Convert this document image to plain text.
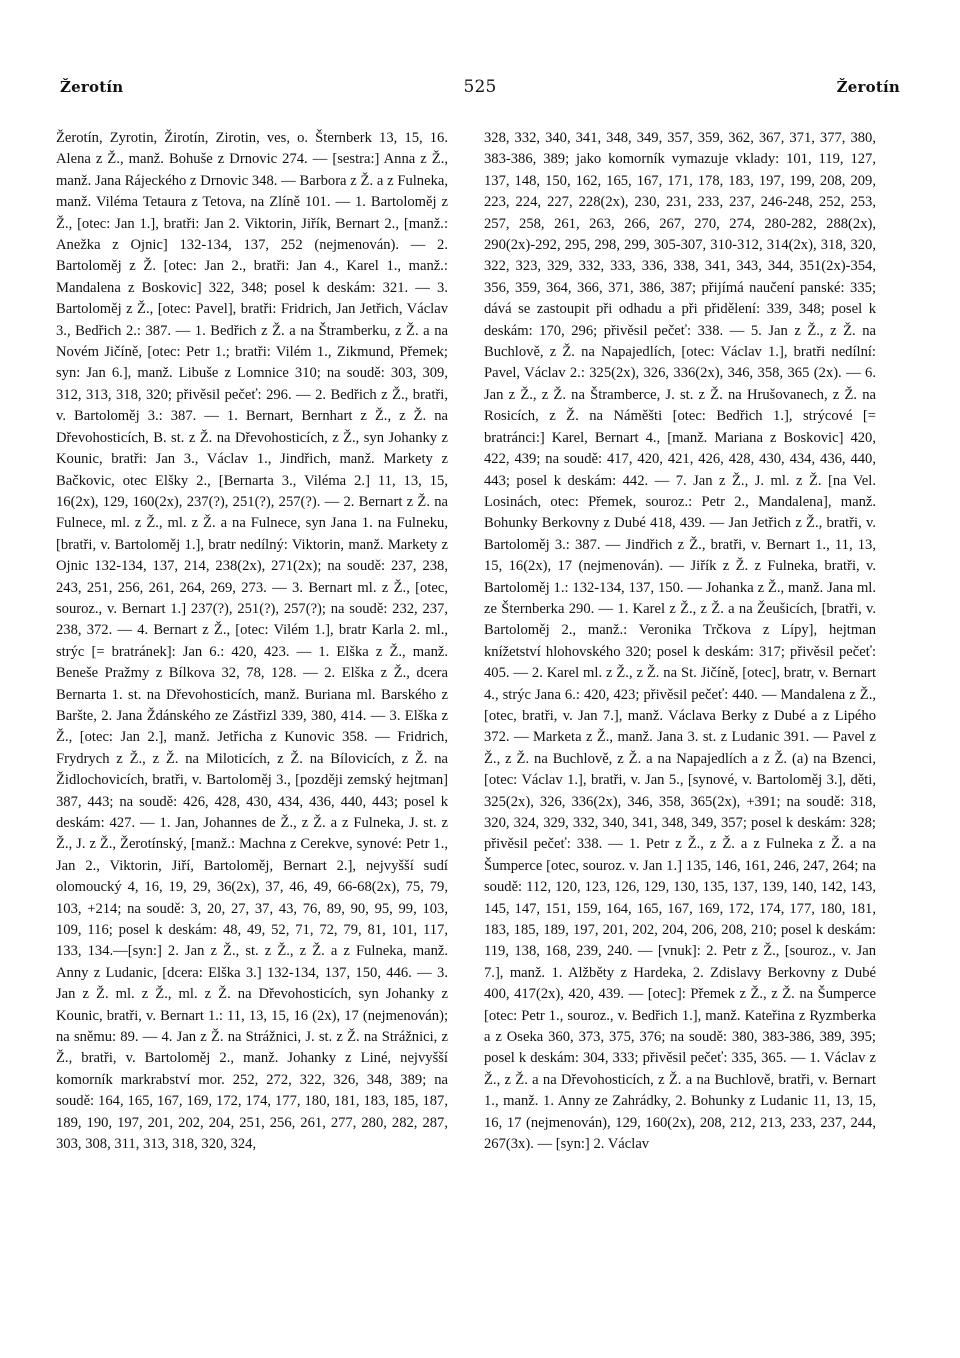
Žerotín	525	Žerotín

Žerotín, Zyrotin, Žirotín, Zirotin, ves, o. Šternberk 13, 15, 16. Alena z Ž., manž. Bohuše z Drnovic 274. — [sestra:] Anna z Ž., manž. Jana Rájeckého z Drnovic 348. — Barbora z Ž. a z Fulneka, manž. Viléma Tetaura z Tetova, na Zlíně 101. — 1. Bartoloměj z Ž., [otec: Jan 1.], bratři: Jan 2. Viktorin, Jiřík, Bernart 2., [manž.: Anežka z Ojnic] 132-134, 137, 252 (nejmenován). — 2. Bartoloměj z Ž. [otec: Jan 2., bratři: Jan 4., Karel 1., manž.: Mandalena z Boskovic] 322, 348; posel k deskám: 321. — 3. Bartoloměj z Ž., [otec: Pavel], bratři: Fridrich, Jan Jetřich, Václav 3., Bedřich 2.: 387. — 1. Bedřich z Ž. a na Štramberku, z Ž. a na Novém Jičíně, [otec: Petr 1.; bratři: Vilém 1., Zikmund, Přemek; syn: Jan 6.], manž. Libuše z Lomnice 310; na soudě: 303, 309, 312, 313, 318, 320; přivěsil pečeť: 296. — 2. Bedřich z Ž., bratři, v. Bartoloměj 3.: 387. — 1. Bernart, Bernhart z Ž., z Ž. na Dřevohosticích, B. st. z Ž. na Dřevohosticích, z Ž., syn Johanky z Kounic, bratři: Jan 3., Václav 1., Jindřich, manž. Markety z Bačkovic, otec Elšky 2., [Bernarta 3., Viléma 2.] 11, 13, 15, 16(2x), 129, 160(2x), 237(?), 251(?), 257(?). — 2. Bernart z Ž. na Fulnece, ml. z Ž., ml. z Ž. a na Fulnece, syn Jana 1. na Fulneku, [bratři, v. Bartoloměj 1.], bratr nedílný: Viktorin, manž. Markety z Ojnic 132-134, 137, 214, 238(2x), 271(2x); na soudě: 237, 238, 243, 251, 256, 261, 264, 269, 273. — 3. Bernart ml. z Ž., [otec, souroz., v. Bernart 1.] 237(?), 251(?), 257(?); na soudě: 232, 237, 238, 372. — 4. Bernart z Ž., [otec: Vilém 1.], bratr Karla 2. ml., strýc [= bratránek]: Jan 6.: 420, 423. — 1. Elška z Ž., manž. Beneše Pražmy z Bílkova 32, 78, 128. — 2. Elška z Ž., dcera Bernarta 1. st. na Dřevohosticích, manž. Buriana ml. Barského z Baršte, 2. Jana Ždánského ze Zástřizl 339, 380, 414. — 3. Elška z Ž., [otec: Jan 2.], manž. Jetřicha z Kunovic 358. — Fridrich, Frydrych z Ž., z Ž. na Miloticích, z Ž. na Bílovicích, z Ž. na Židlochovicích, bratři, v. Bartoloměj 3., [později zemský hejtman] 387, 443; na soudě: 426, 428, 430, 434, 436, 440, 443; posel k deskám: 427. — 1. Jan, Johannes de Ž., z Ž. a z Fulneka, J. st. z Ž., J. z Ž., Žerotínský, [manž.: Machna z Cerekve, synové: Petr 1., Jan 2., Viktorin, Jiří, Bartoloměj, Bernart 2.], nejvyšší sudí olomoucký 4, 16, 19, 29, 36(2x), 37, 46, 49, 66-68(2x), 75, 79, 103, +214; na soudě: 3, 20, 27, 37, 43, 76, 89, 90, 95, 99, 103, 109, 116; posel k deskám: 48, 49, 52, 71, 72, 79, 81, 101, 117, 133, 134.—[syn:] 2. Jan z Ž., st. z Ž., z Ž. a z Fulneka, manž. Anny z Ludanic, [dcera: Elška 3.] 132-134, 137, 150, 446. — 3. Jan z Ž. ml. z Ž., ml. z Ž. na Dřevohosticích, syn Johanky z Kounic, bratři, v. Bernart 1.: 11, 13, 15, 16 (2x), 17 (nejmenován); na sněmu: 89. — 4. Jan z Ž. na Strážnici, J. st. z Ž. na Strážnici, z Ž., bratři, v. Bartoloměj 2., manž. Johanky z Liné, nejvyšší komorník markrabství mor. 252, 272, 322, 326, 348, 389; na soudě: 164, 165, 167, 169, 172, 174, 177, 180, 181, 183, 185, 187, 189, 190, 197, 201, 202, 204, 251, 256, 261, 277, 280, 282, 287, 303, 308, 311, 313, 318, 320, 324,

328, 332, 340, 341, 348, 349, 357, 359, 362, 367, 371, 377, 380, 383-386, 389; jako komorník vymazuje vklady: 101, 119, 127, 137, 148, 150, 162, 165, 167, 171, 178, 183, 197, 199, 208, 209, 223, 224, 227, 228(2x), 230, 231, 233, 237, 246-248, 252, 253, 257, 258, 261, 263, 266, 267, 270, 274, 280-282, 288(2x), 290(2x)-292, 295, 298, 299, 305-307, 310-312, 314(2x), 318, 320, 322, 323, 329, 332, 333, 336, 338, 341, 343, 344, 351(2x)-354, 356, 359, 364, 366, 371, 386, 387; přijímá naučení panské: 335; dává se zastoupit při odhadu a při přidělení: 339, 348; posel k deskám: 170, 296; přivěsil pečeť: 338. — 5. Jan z Ž., z Ž. na Buchlově, z Ž. na Napajedlích, [otec: Václav 1.], bratři nedílní: Pavel, Václav 2.: 325(2x), 326, 336(2x), 346, 358, 365 (2x). — 6. Jan z Ž., z Ž. na Štramberce, J. st. z Ž. na Hrušovanech, z Ž. na Rosicích, z Ž. na Náměšti [otec: Bedřich 1.], strýcové [= bratránci:] Karel, Bernart 4., [manž. Mariana z Boskovic] 420, 422, 439; na soudě: 417, 420, 421, 426, 428, 430, 434, 436, 440, 443; posel k deskám: 442. — 7. Jan z Ž., J. ml. z Ž. [na Vel. Losinách, otec: Přemek, souroz.: Petr 2., Mandalena], manž. Bohunky Berkovny z Dubé 418, 439. — Jan Jetřich z Ž., bratři, v. Bartoloměj 3.: 387. — Jindřich z Ž., bratři, v. Bernart 1., 11, 13, 15, 16(2x), 17 (nejmenován). — Jiřík z Ž. z Fulneka, bratři, v. Bartoloměj 1.: 132-134, 137, 150. — Johanka z Ž., manž. Jana ml. ze Šternberka 290. — 1. Karel z Ž., z Ž. a na Žeušicích, [bratři, v. Bartoloměj 2., manž.: Veronika Trčkova z Lípy], hejtman knížetství hlohovského 320; posel k deskám: 317; přivěsil pečeť: 405. — 2. Karel ml. z Ž., z Ž. na St. Jičíně, [otec], bratr, v. Bernart 4., strýc Jana 6.: 420, 423; přivěsil pečeť: 440. — Mandalena z Ž., [otec, bratři, v. Jan 7.], manž. Václava Berky z Dubé a z Lipého 372. — Marketa z Ž., manž. Jana 3. st. z Ludanic 391. — Pavel z Ž., z Ž. na Buchlově, z Ž. a na Napajedlích a z Ž. (a) na Bzenci, [otec: Václav 1.], bratři, v. Jan 5., [synové, v. Bartoloměj 3.], děti, 325(2x), 326, 336(2x), 346, 358, 365(2x), +391; na soudě: 318, 320, 324, 329, 332, 340, 341, 348, 349, 357; posel k deskám: 328; přivěsil pečeť: 338. — 1. Petr z Ž., z Ž. a z Fulneka z Ž. a na Šumperce [otec, souroz. v. Jan 1.] 135, 146, 161, 246, 247, 264; na soudě: 112, 120, 123, 126, 129, 130, 135, 137, 139, 140, 142, 143, 145, 147, 151, 159, 164, 165, 167, 169, 172, 174, 177, 180, 181, 183, 185, 189, 197, 201, 202, 204, 206, 208, 210; posel k deskám: 119, 138, 168, 239, 240. — [vnuk]: 2. Petr z Ž., [souroz., v. Jan 7.], manž. 1. Alžběty z Hardeka, 2. Zdislavy Berkovny z Dubé 400, 417(2x), 420, 439. — [otec]: Přemek z Ž., z Ž. na Šumperce [otec: Petr 1., souroz., v. Bedřich 1.], manž. Kateřina z Ryzmberka a z Oseka 360, 373, 375, 376; na soudě: 380, 383-386, 389, 395; posel k deskám: 304, 333; přivěsil pečeť: 335, 365. — 1. Václav z Ž., z Ž. a na Dřevohosticích, z Ž. a na Buchlově, bratři, v. Bernart 1., manž. 1. Anny ze Zahrádky, 2. Bohunky z Ludanic 11, 13, 15, 16, 17 (nejmenován), 129, 160(2x), 208, 212, 213, 233, 237, 244, 267(3x). — [syn:] 2. Václav
